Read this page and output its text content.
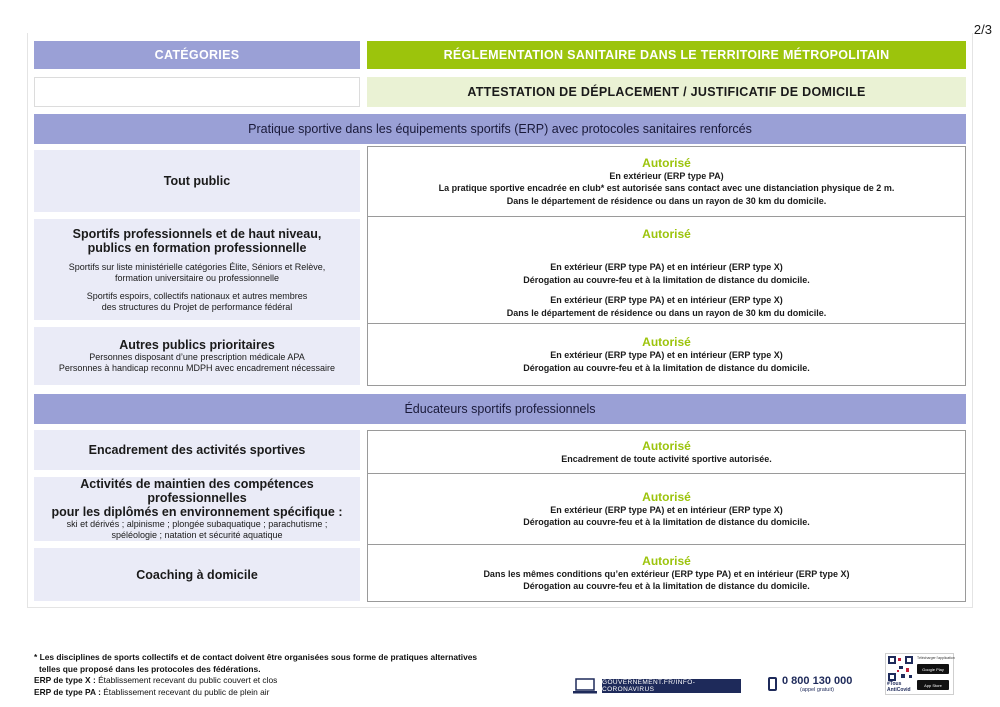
2/3
CATÉGORIES	RÉGLEMENTATION SANITAIRE DANS LE TERRITOIRE MÉTROPOLITAIN
ATTESTATION DE DÉPLACEMENT / JUSTIFICATIF DE DOMICILE
Pratique sportive dans les équipements sportifs (ERP) avec protocoles sanitaires renforcés
Tout public
Autorisé
En extérieur (ERP type PA)
La pratique sportive encadrée en club* est autorisée sans contact avec une distanciation physique de 2 m.
Dans le département de résidence ou dans un rayon de 30 km du domicile.
Sportifs professionnels et de haut niveau,
publics en formation professionnelle
Sportifs sur liste ministérielle catégories Élite, Séniors et Relève,
formation universitaire ou professionnelle
Sportifs espoirs, collectifs nationaux et autres membres
des structures du Projet de performance fédéral
Autorisé
En extérieur (ERP type PA) et en intérieur (ERP type X)
Dérogation au couvre-feu et à la limitation de distance du domicile.
En extérieur (ERP type PA) et en intérieur (ERP type X)
Dans le département de résidence ou dans un rayon de 30 km du domicile.
Autres publics prioritaires
Personnes disposant d’une prescription médicale APA
Personnes à handicap reconnu MDPH avec encadrement nécessaire
Autorisé
En extérieur (ERP type PA) et en intérieur (ERP type X)
Dérogation au couvre-feu et à la limitation de distance du domicile.
Éducateurs sportifs professionnels
Encadrement des activités sportives	Autorisé
Encadrement de toute activité sportive autorisée.
Activités de maintien des compétences professionnelles
pour les diplômés en environnement spécifique :
ski et dérivés ; alpinisme ; plongée subaquatique ; parachutisme ;
spéléologie ; natation et sécurité aquatique
Autorisé
En extérieur (ERP type PA) et en intérieur (ERP type X)
Dérogation au couvre-feu et à la limitation de distance du domicile.
Coaching à domicile
Autorisé
Dans les mêmes conditions qu’en extérieur (ERP type PA) et en intérieur (ERP type X)
Dérogation au couvre-feu et à la limitation de distance du domicile.
* Les disciplines de sports collectifs et de contact doivent être organisées sous forme de pratiques alternatives
telles que proposé dans les protocoles des fédérations.
ERP de type X : Établissement recevant du public couvert et clos
ERP de type PA : Établissement recevant du public de plein air
GOUVERNEMENT.FR/INFO-CORONAVIRUS
0 800 130 000
(appel gratuit)
#Tous
AntiCovid
Télécharger l'application
Google Play
App Store
